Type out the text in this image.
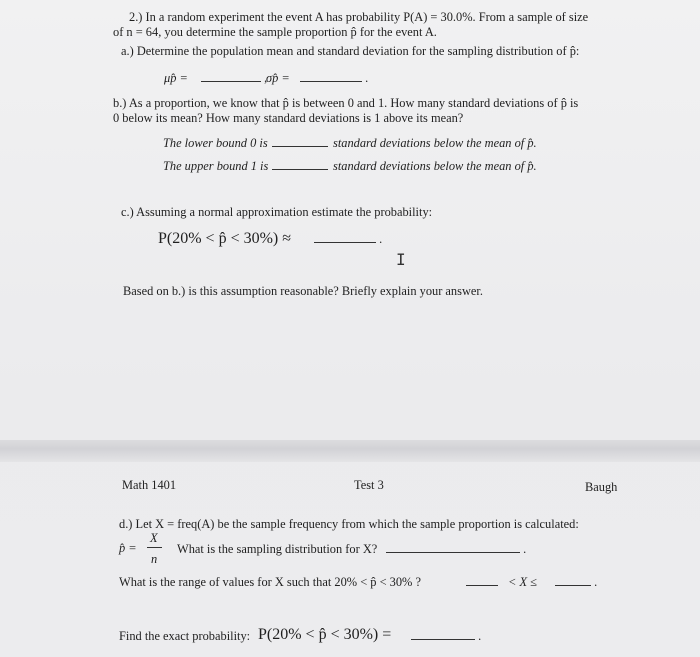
2.) In a random experiment the event A has probability P(A) = 30.0%. From a sample of size
of n = 64, you determine the sample proportion p̂ for the event A.
a.) Determine the population mean and standard deviation for the sampling distribution of p̂:
μp̂ =	,
σp̂ =	.
b.) As a proportion, we know that p̂ is between 0 and 1. How many standard deviations of p̂ is
0 below its mean? How many standard deviations is 1 above its mean?
The lower bound 0 is	standard deviations below the mean of p̂.
The upper bound 1 is	standard deviations below the mean of p̂.
c.) Assuming a normal approximation estimate the probability:
P(20% < p̂ < 30%) ≈	.
I
Based on b.) is this assumption reasonable? Briefly explain your answer.
Math 1401	Test 3	Baugh
d.) Let X = freq(A) be the sample frequency from which the sample proportion is calculated:
p̂ =
X
n
What is the sampling distribution for X?	.
What is the range of values for X such that 20% < p̂ < 30% ?	< X ≤	.
Find the exact probability: P(20% < p̂ < 30%) =	.
